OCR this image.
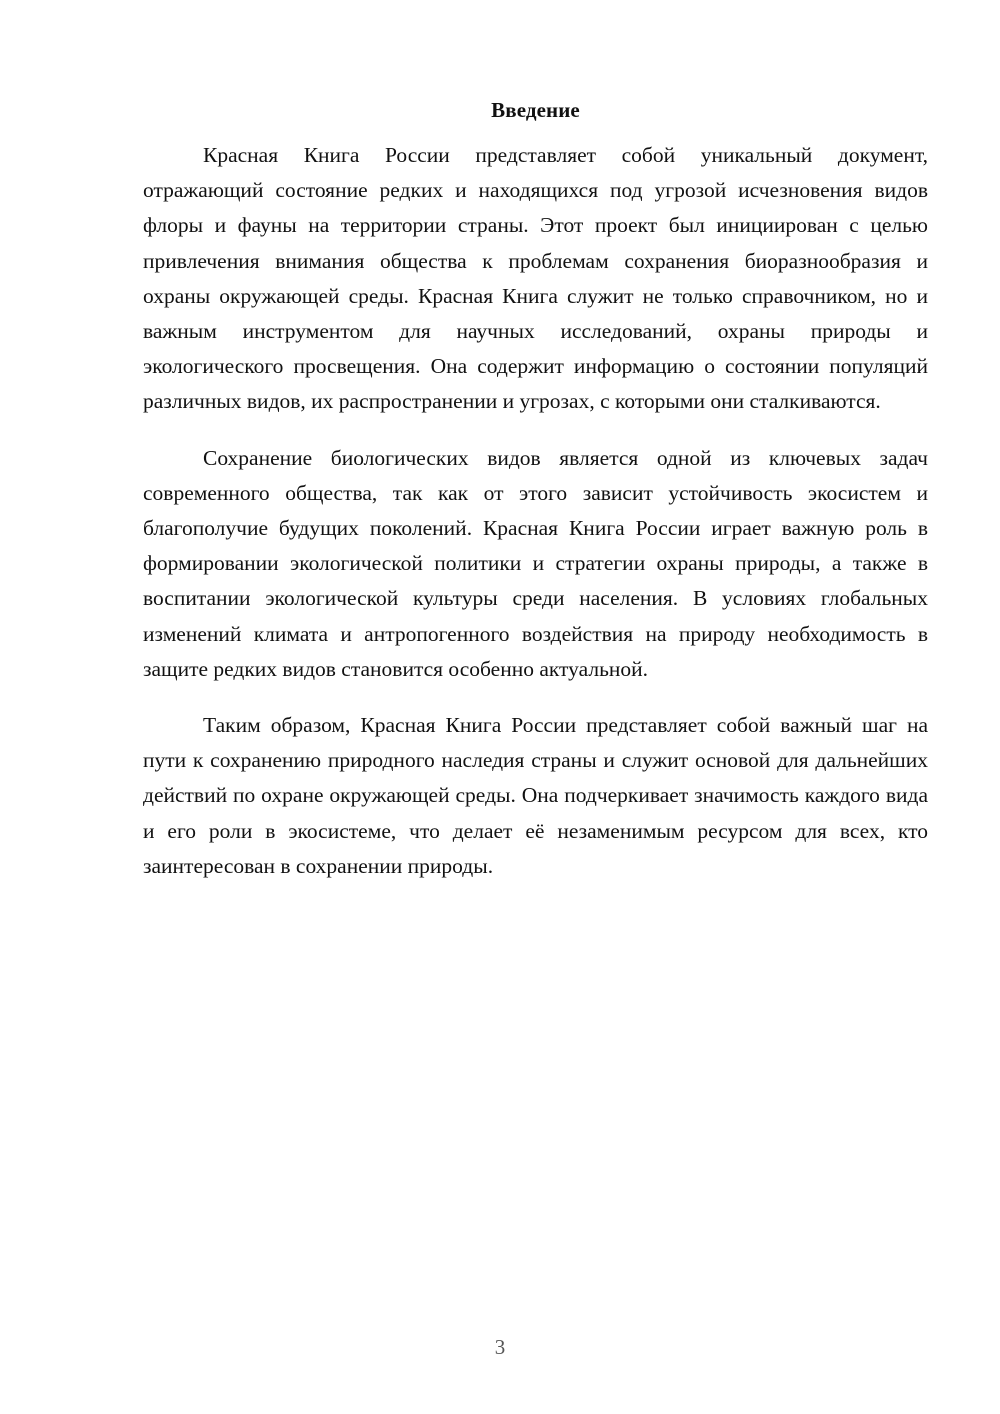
Введение

Красная Книга России представляет собой уникальный документ, отражающий состояние редких и находящихся под угрозой исчезновения видов флоры и фауны на территории страны. Этот проект был инициирован с целью привлечения внимания общества к проблемам сохранения биоразнообразия и охраны окружающей среды. Красная Книга служит не только справочником, но и важным инструментом для научных исследований, охраны природы и экологического просвещения. Она содержит информацию о состоянии популяций различных видов, их распространении и угрозах, с которыми они сталкиваются.

Сохранение биологических видов является одной из ключевых задач современного общества, так как от этого зависит устойчивость экосистем и благополучие будущих поколений. Красная Книга России играет важную роль в формировании экологической политики и стратегии охраны природы, а также в воспитании экологической культуры среди населения. В условиях глобальных изменений климата и антропогенного воздействия на природу необходимость в защите редких видов становится особенно актуальной.

Таким образом, Красная Книга России представляет собой важный шаг на пути к сохранению природного наследия страны и служит основой для дальнейших действий по охране окружающей среды. Она подчеркивает значимость каждого вида и его роли в экосистеме, что делает её незаменимым ресурсом для всех, кто заинтересован в сохранении природы.

3
